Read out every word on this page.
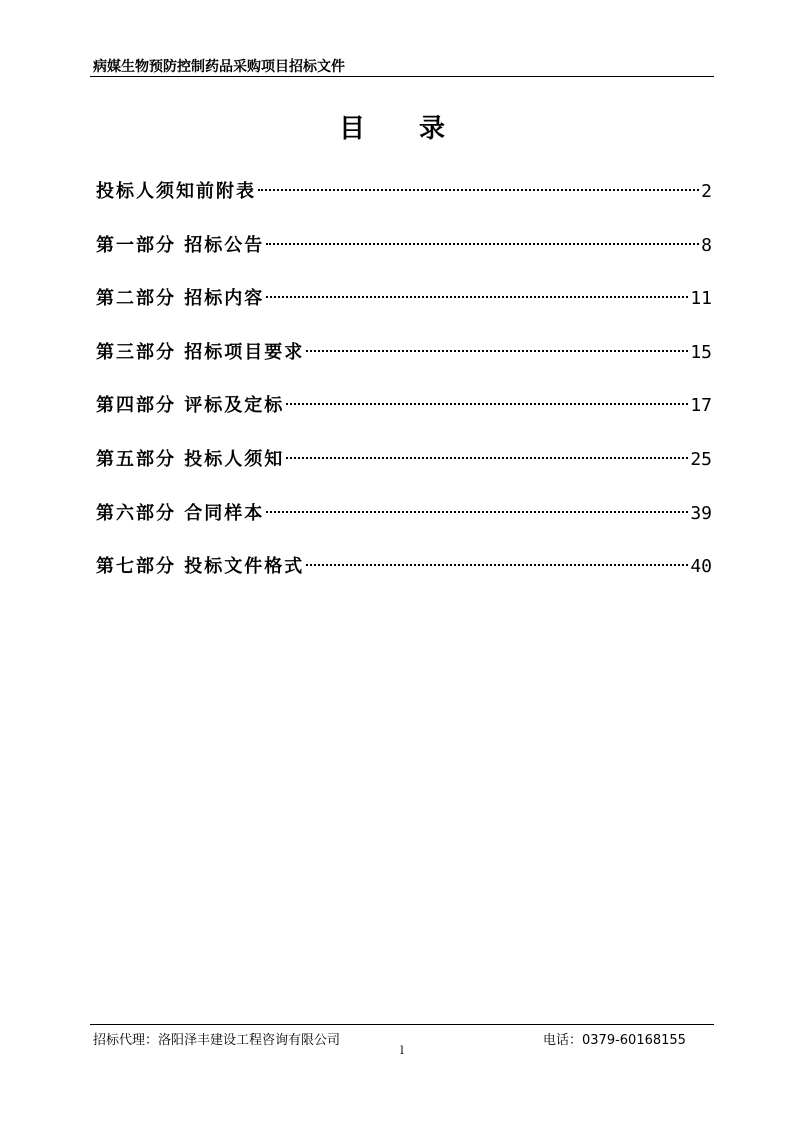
病媒生物预防控制药品采购项目招标文件
目录
投标人须知前附表	2
第一部分 招标公告	8
第二部分 招标内容	11
第三部分 招标项目要求	15
第四部分 评标及定标	17
第五部分 投标人须知	25
第六部分 合同样本	39
第七部分 投标文件格式	40
招标代理：洛阳泽丰建设工程咨询有限公司	电话：0379-60168155
l
